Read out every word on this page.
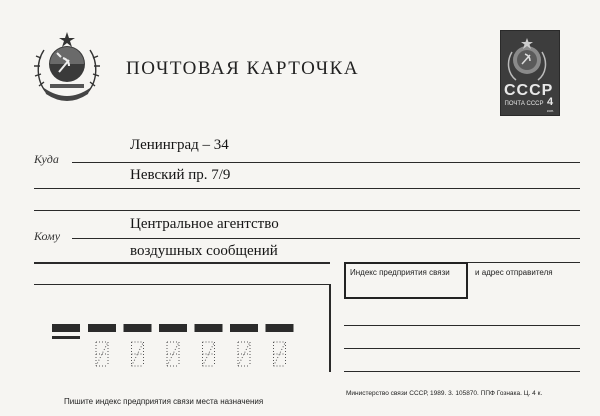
ПОЧТОВАЯ КАРТОЧКА
СССР
ПОЧТА СССР 4
коп.
Куда
Ленинград – 34
Невский пр. 7/9
Кому
Центральное агентство
воздушных сообщений
Индекс предприятия связи	и адрес отправителя
Министерство связи СССР, 1989. 3. 105870. ППФ Гознака. Ц. 4 к.
Пишите индекс предприятия связи места назначения
